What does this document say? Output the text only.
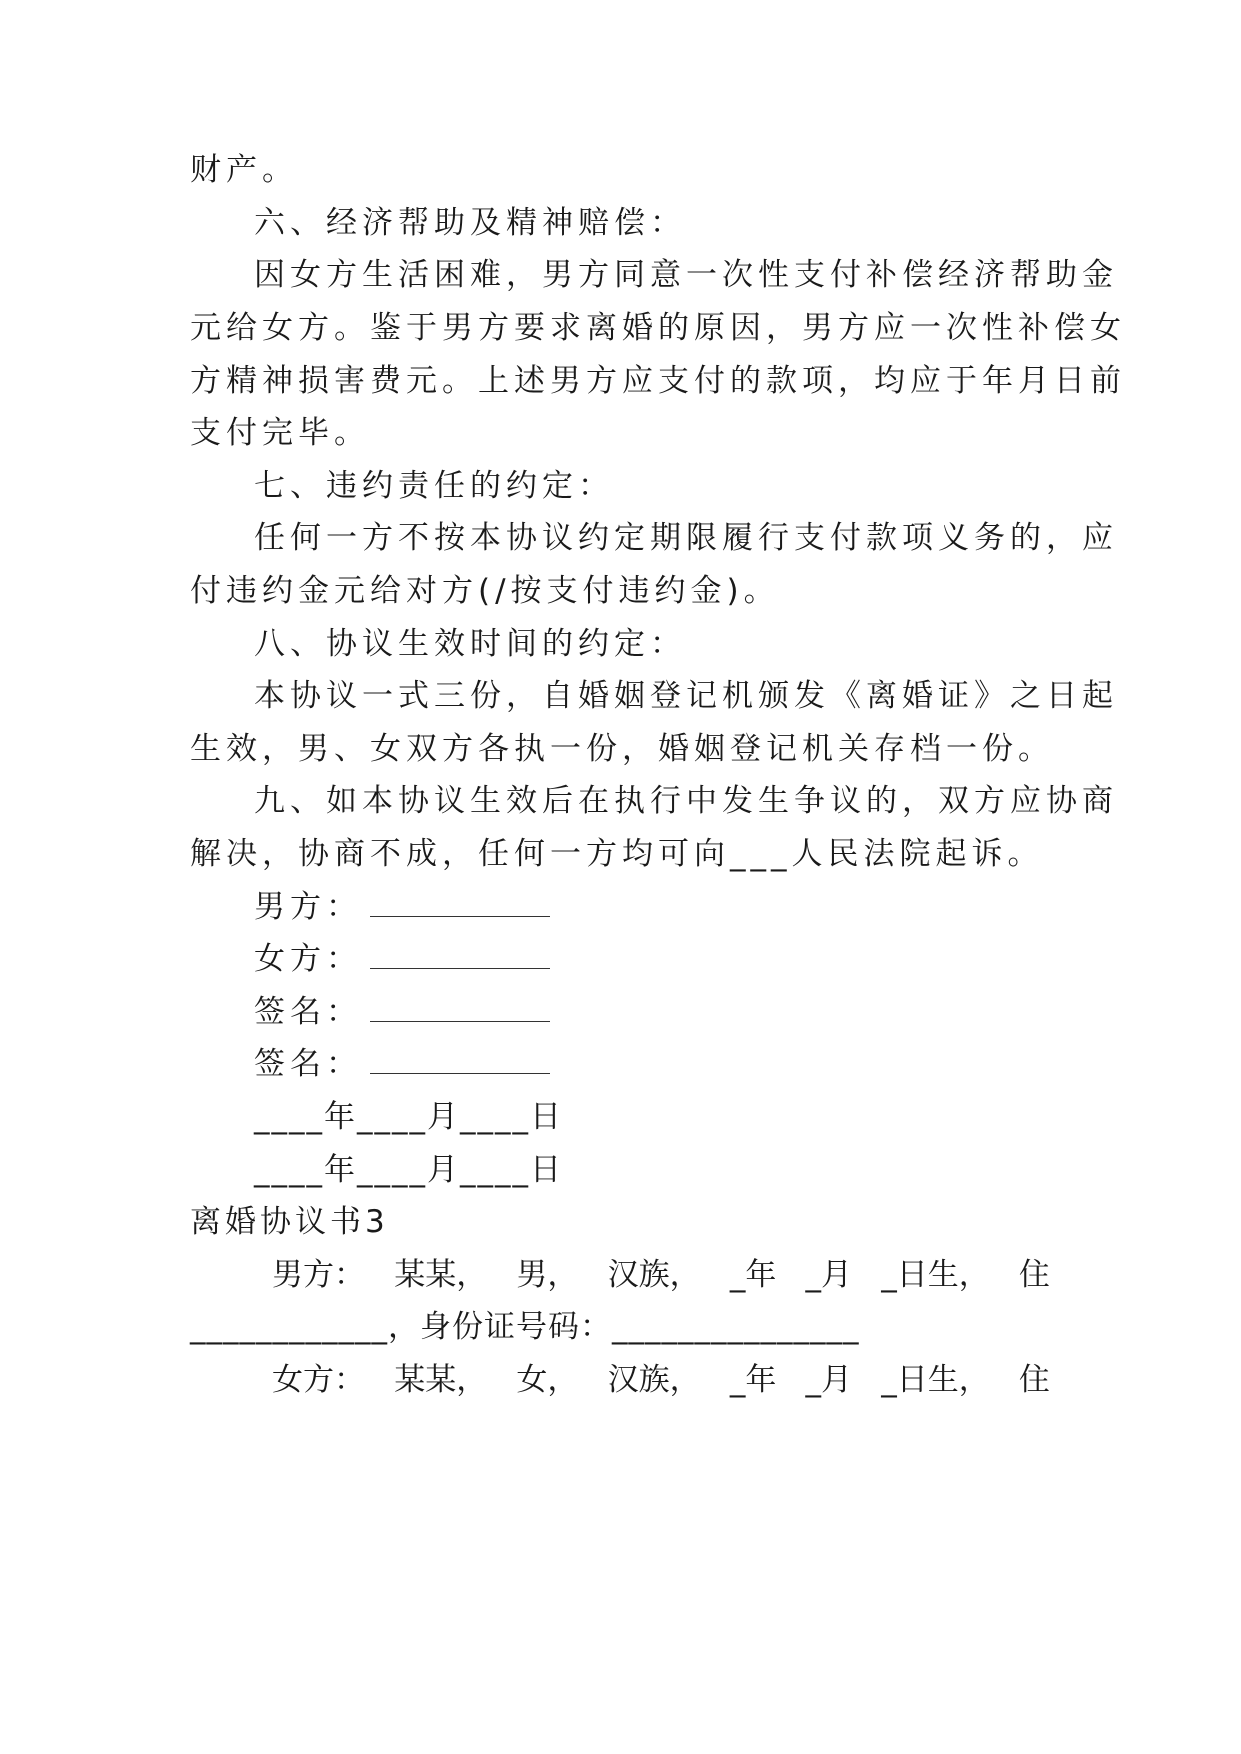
财产。
六、经济帮助及精神赔偿：
因女方生活困难，男方同意一次性支付补偿经济帮助金
元给女方。鉴于男方要求离婚的原因，男方应一次性补偿女
方精神损害费元。上述男方应支付的款项，均应于年月日前
支付完毕。
七、违约责任的约定：
任何一方不按本协议约定期限履行支付款项义务的，应
付违约金元给对方(/按支付违约金)。
八、协议生效时间的约定：
本协议一式三份，自婚姻登记机颁发《离婚证》之日起
生效，男、女双方各执一份，婚姻登记机关存档一份。
九、如本协议生效后在执行中发生争议的，双方应协商
解决，协商不成，任何一方均可向___人民法院起诉。
男方：
女方：
签名：
签名：
____年____月____日
____年____月____日
离婚协议书3
男方： 某某， 男， 汉族， _年 _月 _日生， 住
____________，身份证号码：_______________
女方： 某某， 女， 汉族， _年 _月 _日生， 住
